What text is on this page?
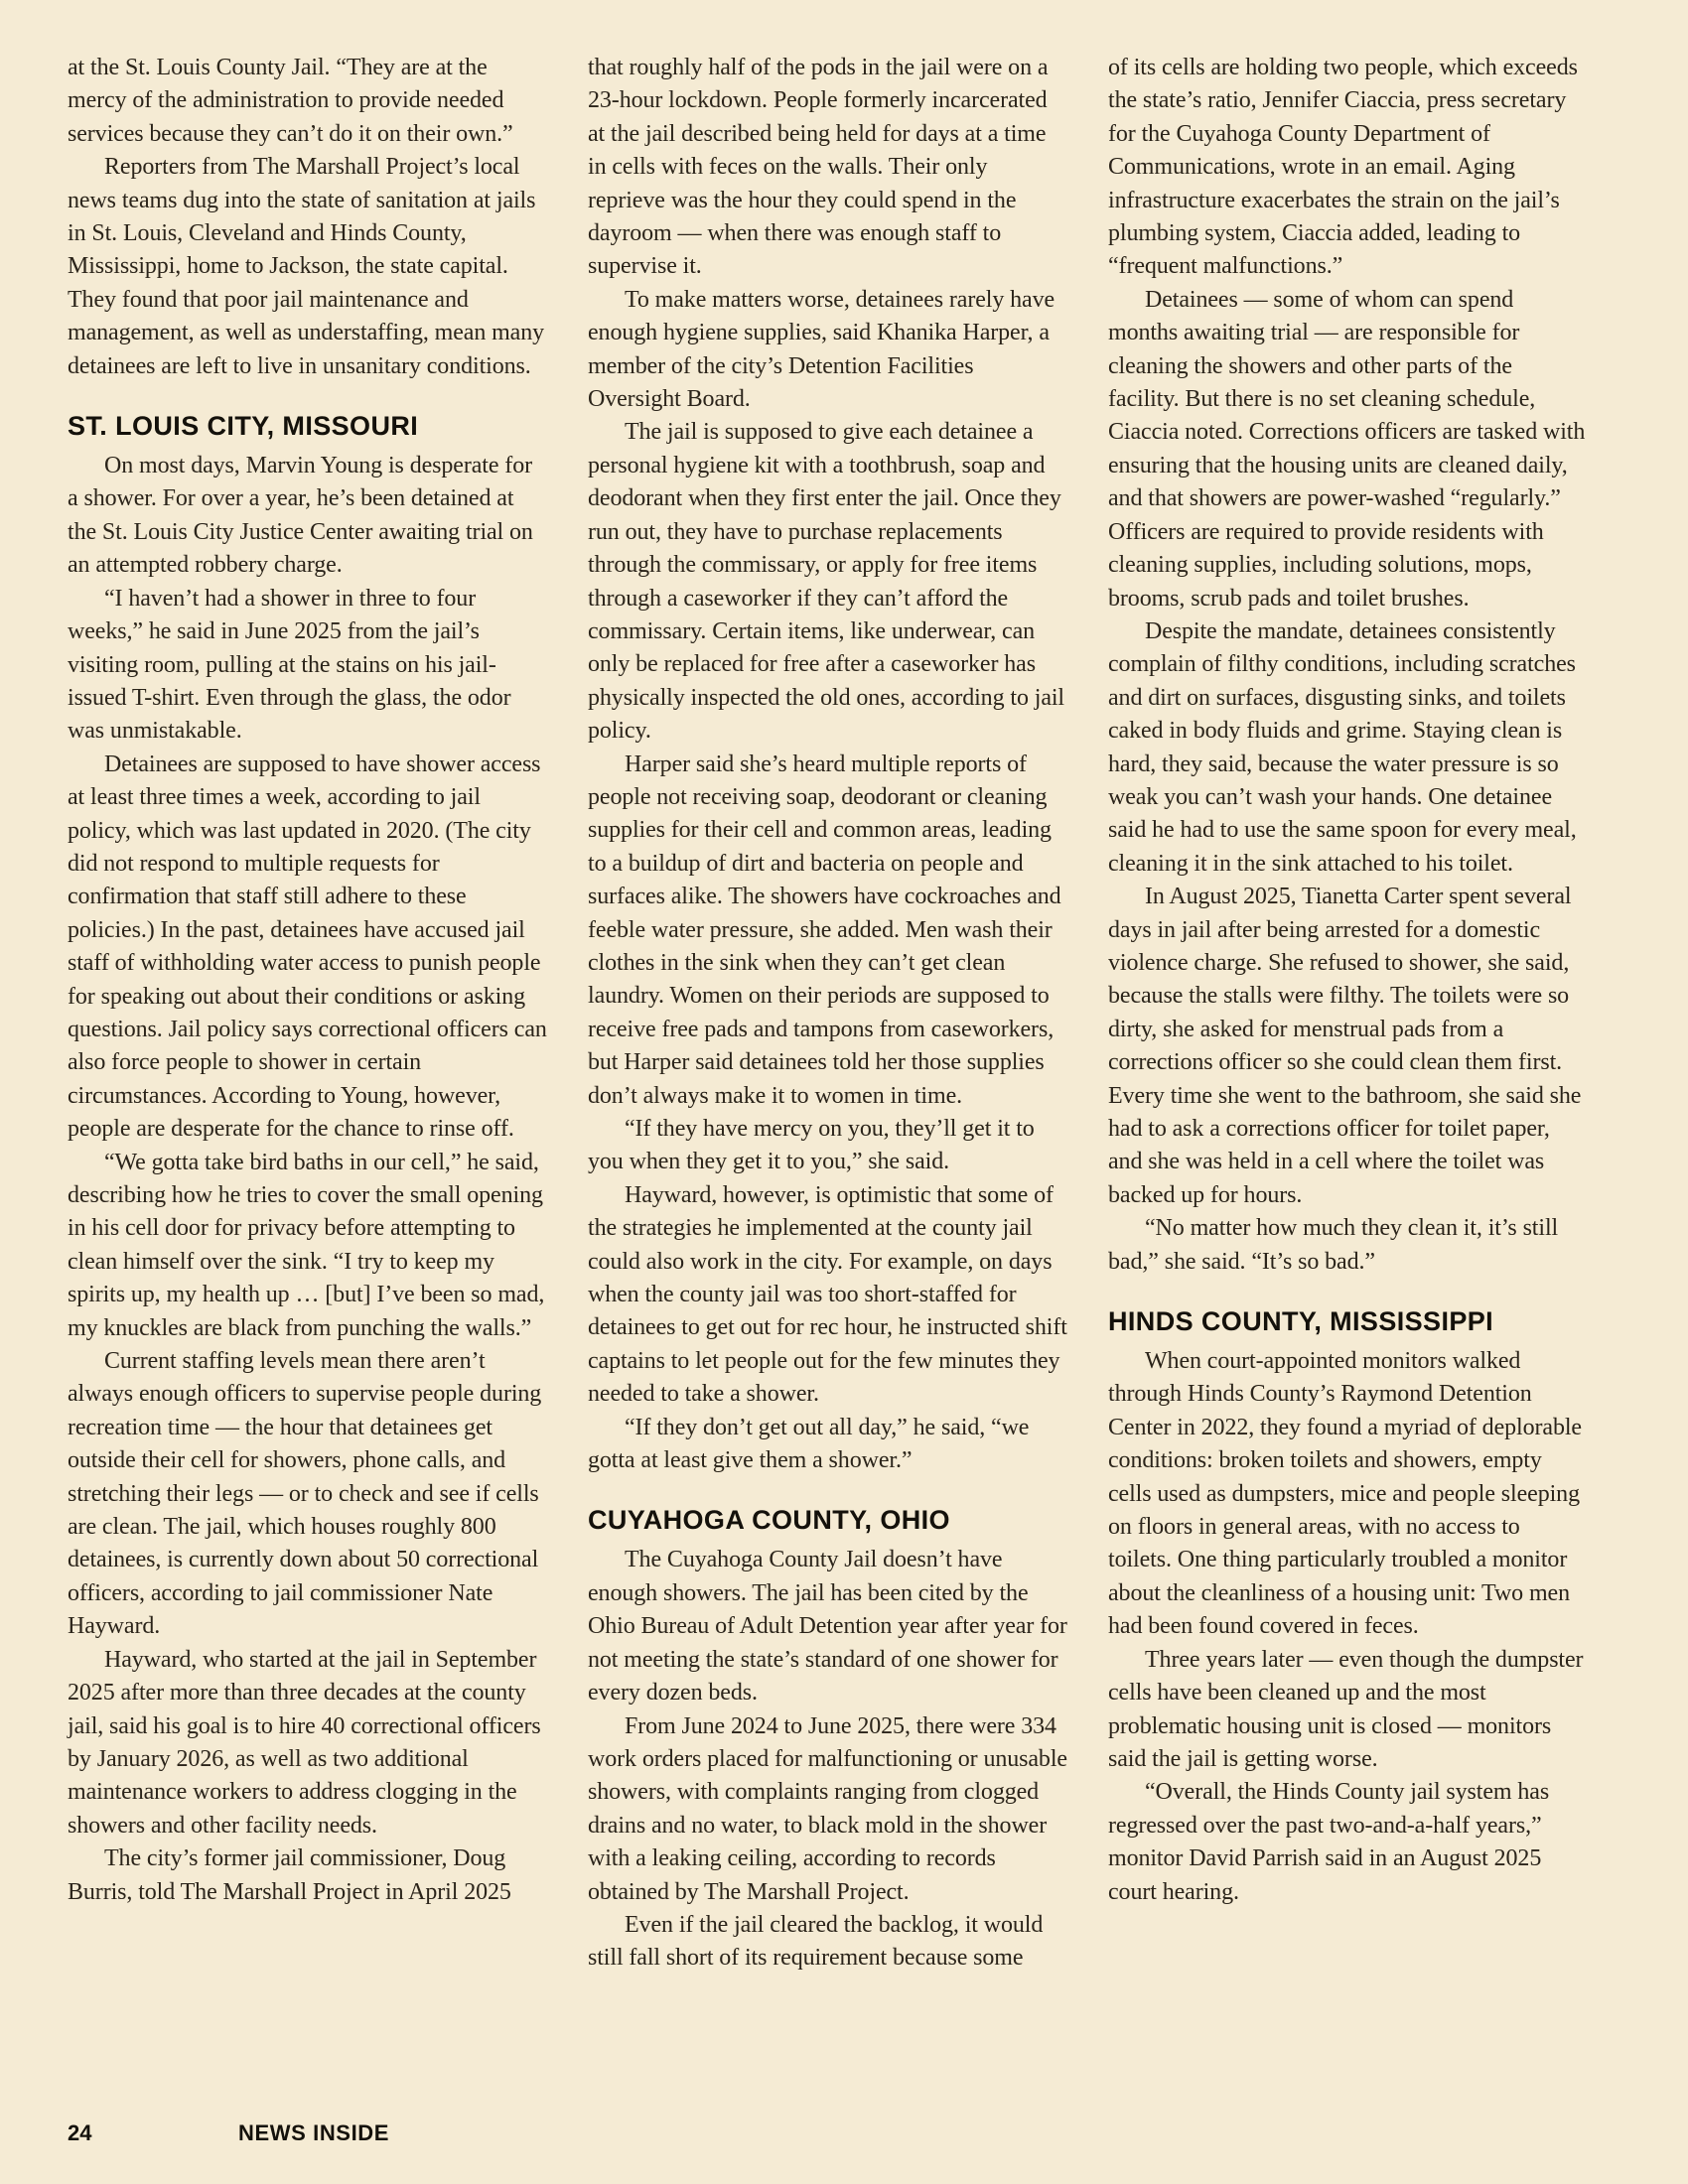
at the St. Louis County Jail. “They are at the mercy of the administration to provide needed services because they can’t do it on their own.”

Reporters from The Marshall Project’s local news teams dug into the state of sanitation at jails in St. Louis, Cleveland and Hinds County, Mississippi, home to Jackson, the state capital. They found that poor jail maintenance and management, as well as understaffing, mean many detainees are left to live in unsanitary conditions.

ST. LOUIS CITY, MISSOURI

On most days, Marvin Young is desperate for a shower. For over a year, he’s been detained at the St. Louis City Justice Center awaiting trial on an attempted robbery charge.

“I haven’t had a shower in three to four weeks,” he said in June 2025 from the jail’s visiting room, pulling at the stains on his jail-issued T-shirt. Even through the glass, the odor was unmistakable.

Detainees are supposed to have shower access at least three times a week, according to jail policy, which was last updated in 2020. (The city did not respond to multiple requests for confirmation that staff still adhere to these policies.) In the past, detainees have accused jail staff of withholding water access to punish people for speaking out about their conditions or asking questions. Jail policy says correctional officers can also force people to shower in certain circumstances. According to Young, however, people are desperate for the chance to rinse off.

“We gotta take bird baths in our cell,” he said, describing how he tries to cover the small opening in his cell door for privacy before attempting to clean himself over the sink. “I try to keep my spirits up, my health up … [but] I’ve been so mad, my knuckles are black from punching the walls.”

Current staffing levels mean there aren’t always enough officers to supervise people during recreation time — the hour that detainees get outside their cell for showers, phone calls, and stretching their legs — or to check and see if cells are clean. The jail, which houses roughly 800 detainees, is currently down about 50 correctional officers, according to jail commissioner Nate Hayward.

Hayward, who started at the jail in September 2025 after more than three decades at the county jail, said his goal is to hire 40 correctional officers by January 2026, as well as two additional maintenance workers to address clogging in the showers and other facility needs.

The city’s former jail commissioner, Doug Burris, told The Marshall Project in April 2025

that roughly half of the pods in the jail were on a 23-hour lockdown. People formerly incarcerated at the jail described being held for days at a time in cells with feces on the walls. Their only reprieve was the hour they could spend in the dayroom — when there was enough staff to supervise it.

To make matters worse, detainees rarely have enough hygiene supplies, said Khanika Harper, a member of the city’s Detention Facilities Oversight Board.

The jail is supposed to give each detainee a personal hygiene kit with a toothbrush, soap and deodorant when they first enter the jail. Once they run out, they have to purchase replacements through the commissary, or apply for free items through a caseworker if they can’t afford the commissary. Certain items, like underwear, can only be replaced for free after a caseworker has physically inspected the old ones, according to jail policy.

Harper said she’s heard multiple reports of people not receiving soap, deodorant or cleaning supplies for their cell and common areas, leading to a buildup of dirt and bacteria on people and surfaces alike. The showers have cockroaches and feeble water pressure, she added. Men wash their clothes in the sink when they can’t get clean laundry. Women on their periods are supposed to receive free pads and tampons from caseworkers, but Harper said detainees told her those supplies don’t always make it to women in time.

“If they have mercy on you, they’ll get it to you when they get it to you,” she said.

Hayward, however, is optimistic that some of the strategies he implemented at the county jail could also work in the city. For example, on days when the county jail was too short-staffed for detainees to get out for rec hour, he instructed shift captains to let people out for the few minutes they needed to take a shower.

“If they don’t get out all day,” he said, “we gotta at least give them a shower.”

CUYAHOGA COUNTY, OHIO

The Cuyahoga County Jail doesn’t have enough showers. The jail has been cited by the Ohio Bureau of Adult Detention year after year for not meeting the state’s standard of one shower for every dozen beds.

From June 2024 to June 2025, there were 334 work orders placed for malfunctioning or unusable showers, with complaints ranging from clogged drains and no water, to black mold in the shower with a leaking ceiling, according to records obtained by The Marshall Project.

Even if the jail cleared the backlog, it would still fall short of its requirement because some

of its cells are holding two people, which exceeds the state’s ratio, Jennifer Ciaccia, press secretary for the Cuyahoga County Department of Communications, wrote in an email. Aging infrastructure exacerbates the strain on the jail’s plumbing system, Ciaccia added, leading to “frequent malfunctions.”

Detainees — some of whom can spend months awaiting trial — are responsible for cleaning the showers and other parts of the facility. But there is no set cleaning schedule, Ciaccia noted. Corrections officers are tasked with ensuring that the housing units are cleaned daily, and that showers are power-washed “regularly.” Officers are required to provide residents with cleaning supplies, including solutions, mops, brooms, scrub pads and toilet brushes.

Despite the mandate, detainees consistently complain of filthy conditions, including scratches and dirt on surfaces, disgusting sinks, and toilets caked in body fluids and grime. Staying clean is hard, they said, because the water pressure is so weak you can’t wash your hands. One detainee said he had to use the same spoon for every meal, cleaning it in the sink attached to his toilet.

In August 2025, Tianetta Carter spent several days in jail after being arrested for a domestic violence charge. She refused to shower, she said, because the stalls were filthy. The toilets were so dirty, she asked for menstrual pads from a corrections officer so she could clean them first. Every time she went to the bathroom, she said she had to ask a corrections officer for toilet paper, and she was held in a cell where the toilet was backed up for hours.

“No matter how much they clean it, it’s still bad,” she said. “It’s so bad.”

HINDS COUNTY, MISSISSIPPI

When court-appointed monitors walked through Hinds County’s Raymond Detention Center in 2022, they found a myriad of deplorable conditions: broken toilets and showers, empty cells used as dumpsters, mice and people sleeping on floors in general areas, with no access to toilets. One thing particularly troubled a monitor about the cleanliness of a housing unit: Two men had been found covered in feces.

Three years later — even though the dumpster cells have been cleaned up and the most problematic housing unit is closed — monitors said the jail is getting worse.

“Overall, the Hinds County jail system has regressed over the past two-and-a-half years,” monitor David Parrish said in an August 2025 court hearing.

24	NEWS INSIDE
